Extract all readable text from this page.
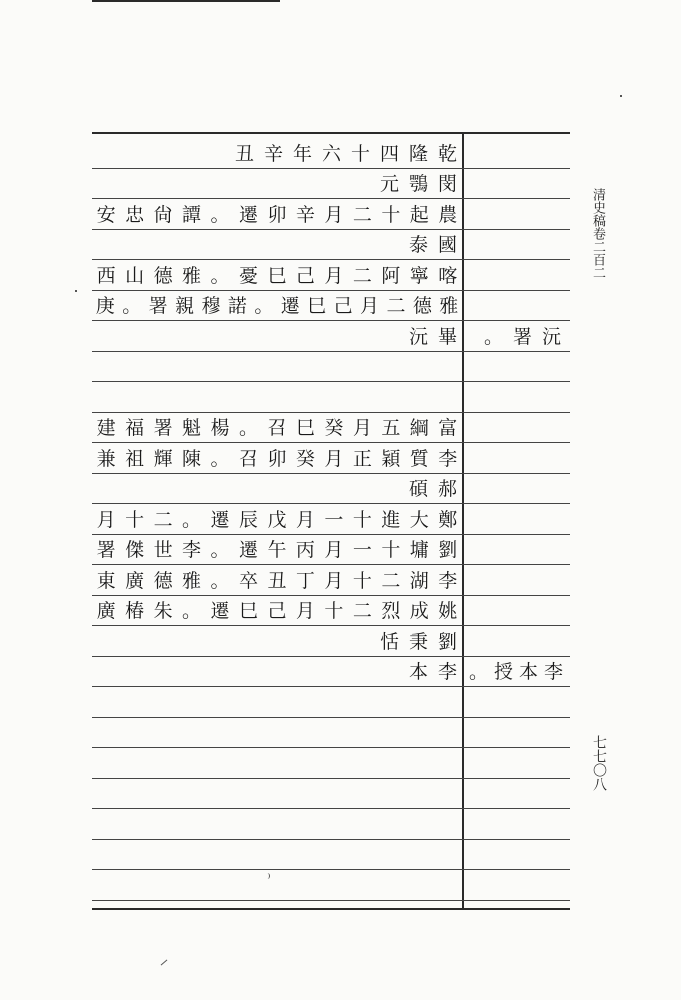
丑 辛 年 六 十 四 隆 乾
元 鶚 閔
安 忠 尙 譚 。 遷 卯 辛 月 二 十 起 農
泰 國
西 山 德 雅 。 憂 巳 己 月 二 阿 寧 喀
庚 。 署 親 穆 諾 。 遷 巳 己 月 二 德 雅
沅 畢
建 福 署 魁 楊 。 召 巳 癸 月 五 綱 富
兼 祖 輝 陳 。 召 卯 癸 月 正 穎 質 李
碩 郝
月 十 二 。 遷 辰 戊 月 一 十 進 大 鄭
署 傑 世 李 。 遷 午 丙 月 一 十 墉 劉
東 廣 德 雅 。 卒 丑 丁 月 十 二 湖 李
廣 椿 朱 。 遷 巳 己 月 十 二 烈 成 姚
恬 秉 劉
本 李
。 署 沅
。 授 本 李
清史稿卷二百二
七七〇八
